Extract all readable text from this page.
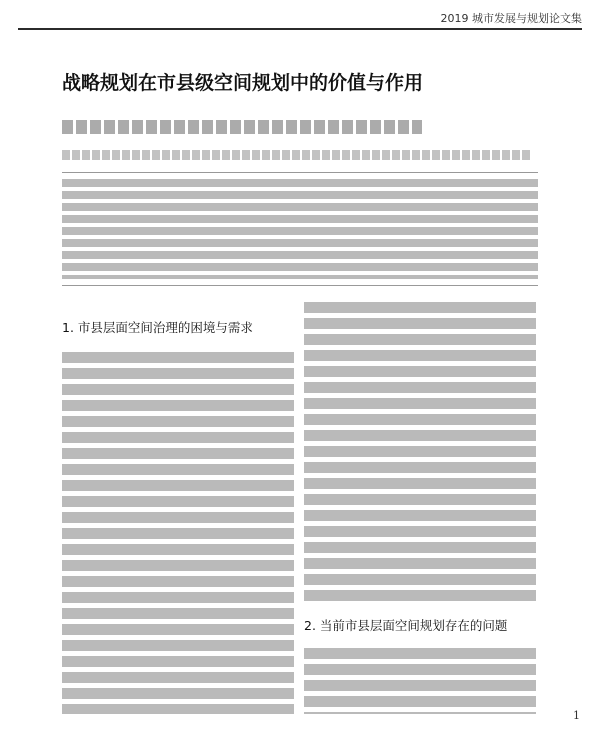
2019 城市发展与规划论文集
战略规划在市县级空间规划中的价值与作用
1. 市县层面空间治理的困境与需求
2. 当前市县层面空间规划存在的问题
1
